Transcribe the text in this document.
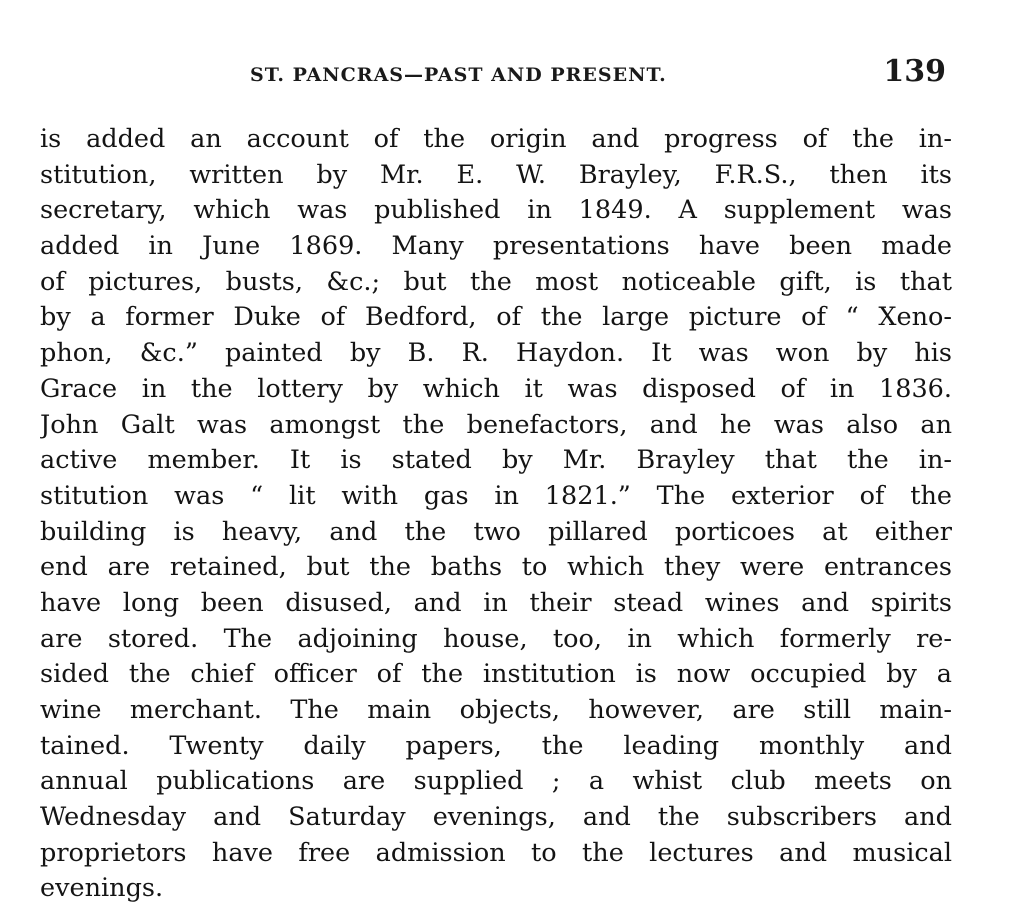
ST. PANCRAS—PAST AND PRESENT.	139
is added an account of the origin and progress of the in-
stitution, written by Mr. E. W. Brayley, F.R.S., then its
secretary, which was published in 1849. A supplement was
added in June 1869. Many presentations have been made
of pictures, busts, &c.; but the most noticeable gift, is that
by a former Duke of Bedford, of the large picture of “ Xeno-
phon, &c.” painted by B. R. Haydon. It was won by his
Grace in the lottery by which it was disposed of in 1836.
John Galt was amongst the benefactors, and he was also an
active member. It is stated by Mr. Brayley that the in-
stitution was “ lit with gas in 1821.” The exterior of the
building is heavy, and the two pillared porticoes at either
end are retained, but the baths to which they were entrances
have long been disused, and in their stead wines and spirits
are stored. The adjoining house, too, in which formerly re-
sided the chief officer of the institution is now occupied by a
wine merchant. The main objects, however, are still main-
tained. Twenty daily papers, the leading monthly and
annual publications are supplied ; a whist club meets on
Wednesday and Saturday evenings, and the subscribers and
proprietors have free admission to the lectures and musical
evenings.
